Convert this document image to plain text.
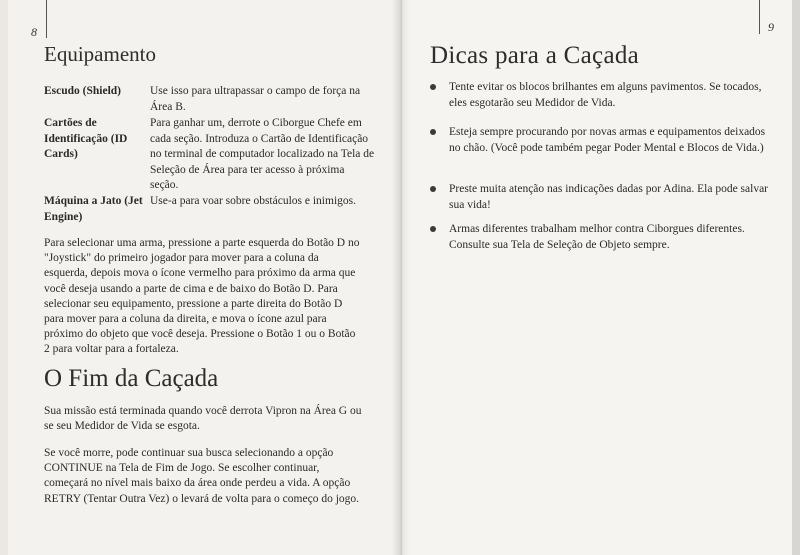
8
Equipamento
Escudo (Shield)	Use isso para ultrapassar o campo de força na Área B.
Cartões de Identificação (ID Cards)
Para ganhar um, derrote o Ciborgue Chefe em cada seção. Introduza o Cartão de Identificação no terminal de computador localizado na Tela de Seleção de Área para ter acesso à próxima seção.
Máquina a Jato (Jet Engine)
Use-a para voar sobre obstáculos e inimigos.
Para selecionar uma arma, pressione a parte esquerda do Botão D no "Joystick" do primeiro jogador para mover para a coluna da esquerda, depois mova o ícone vermelho para próximo da arma que você deseja usando a parte de cima e de baixo do Botão D. Para selecionar seu equipamento, pressione a parte direita do Botão D para mover para a coluna da direita, e mova o ícone azul para próximo do objeto que você deseja. Pressione o Botão 1 ou o Botão 2 para voltar para a fortaleza.
O Fim da Caçada
Sua missão está terminada quando você derrota Vipron na Área G ou se seu Medidor de Vida se esgota.
Se você morre, pode continuar sua busca selecionando a opção CONTINUE na Tela de Fim de Jogo. Se escolher continuar, começará no nível mais baixo da área onde perdeu a vida. A opção RETRY (Tentar Outra Vez) o levará de volta para o começo do jogo.
9
Dicas para a Caçada
Tente evitar os blocos brilhantes em alguns pavimentos. Se tocados, eles esgotarão seu Medidor de Vida.
Esteja sempre procurando por novas armas e equipamentos deixados no chão. (Você pode também pegar Poder Mental e Blocos de Vida.)
Preste muita atenção nas indicações dadas por Adina. Ela pode salvar sua vida!
Armas diferentes trabalham melhor contra Ciborgues diferentes. Consulte sua Tela de Seleção de Objeto sempre.
